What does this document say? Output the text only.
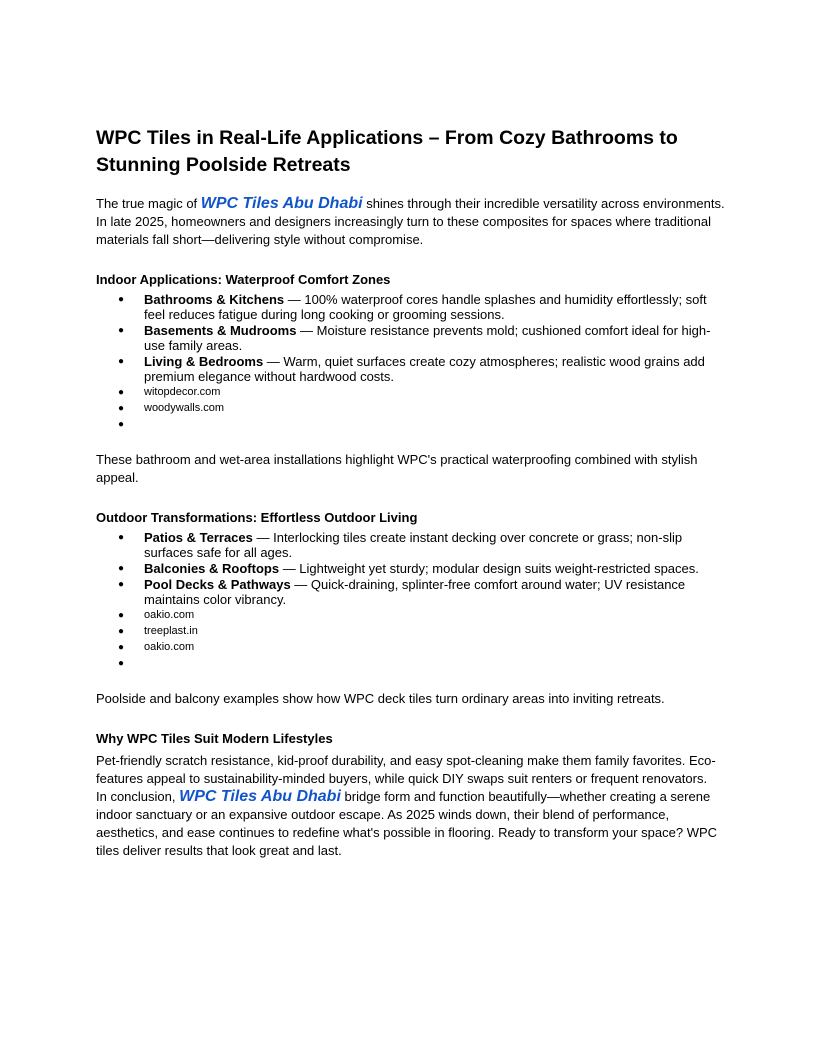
WPC Tiles in Real-Life Applications – From Cozy Bathrooms to Stunning Poolside Retreats

The true magic of WPC Tiles Abu Dhabi shines through their incredible versatility across environments. In late 2025, homeowners and designers increasingly turn to these composites for spaces where traditional materials fall short—delivering style without compromise.

Indoor Applications: Waterproof Comfort Zones
● Bathrooms & Kitchens — 100% waterproof cores handle splashes and humidity effortlessly; soft feel reduces fatigue during long cooking or grooming sessions.
● Basements & Mudrooms — Moisture resistance prevents mold; cushioned comfort ideal for high-use family areas.
● Living & Bedrooms — Warm, quiet surfaces create cozy atmospheres; realistic wood grains add premium elegance without hardwood costs.
● witopdecor.com
● woodywalls.com
●

These bathroom and wet-area installations highlight WPC's practical waterproofing combined with stylish appeal.

Outdoor Transformations: Effortless Outdoor Living
● Patios & Terraces — Interlocking tiles create instant decking over concrete or grass; non-slip surfaces safe for all ages.
● Balconies & Rooftops — Lightweight yet sturdy; modular design suits weight-restricted spaces.
● Pool Decks & Pathways — Quick-draining, splinter-free comfort around water; UV resistance maintains color vibrancy.
● oakio.com
● treeplast.in
● oakio.com
●

Poolside and balcony examples show how WPC deck tiles turn ordinary areas into inviting retreats.

Why WPC Tiles Suit Modern Lifestyles

Pet-friendly scratch resistance, kid-proof durability, and easy spot-cleaning make them family favorites. Eco-features appeal to sustainability-minded buyers, while quick DIY swaps suit renters or frequent renovators.

In conclusion, WPC Tiles Abu Dhabi bridge form and function beautifully—whether creating a serene indoor sanctuary or an expansive outdoor escape. As 2025 winds down, their blend of performance, aesthetics, and ease continues to redefine what's possible in flooring. Ready to transform your space? WPC tiles deliver results that look great and last.
